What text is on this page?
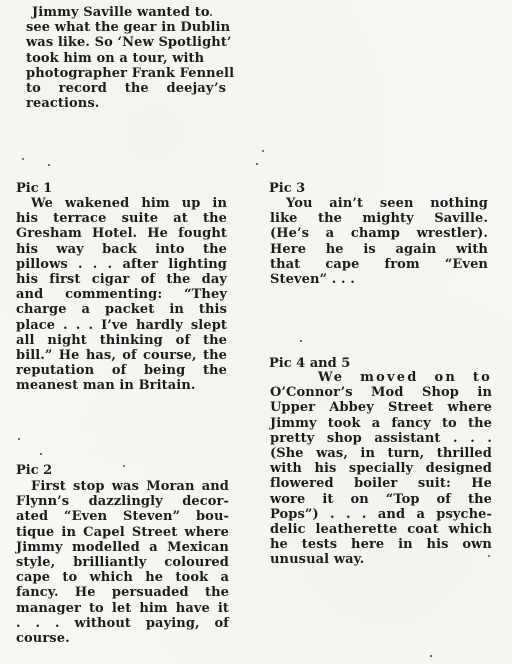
Jimmy Saville wanted to
see what the gear in Dublin
was like. So ‘New Spotlight’
took him on a tour, with
photographer Frank Fennell
to record the deejay’s
reactions.
Pic 1
We wakened him up in
his terrace suite at the
Gresham Hotel. He fought
his way back into the
pillows . . . after lighting
his first cigar of the day
and commenting: “They
charge a packet in this
place . . . I’ve hardly slept
all night thinking of the
bill.” He has, of course, the
reputation of being the
meanest man in Britain.
Pic 2
First stop was Moran and
Flynn’s dazzlingly decor-
ated “Even Steven” bou-
tique in Capel Street where
Jimmy modelled a Mexican
style, brilliantly coloured
cape to which he took a
fancy. He persuaded the
manager to let him have it
. . . without paying, of
course.
Pic 3
You ain’t seen nothing
like the mighty Saville.
(He’s a champ wrestler).
Here he is again with
that cape from “Even
Steven” . . .
Pic 4 and 5
We moved on to
O’Connor’s Mod Shop in
Upper Abbey Street where
Jimmy took a fancy to the
pretty shop assistant . . .
(She was, in turn, thrilled
with his specially designed
flowered boiler suit: He
wore it on “Top of the
Pops”) . . . and a psyche-
delic leatherette coat which
he tests here in his own
unusual way.
